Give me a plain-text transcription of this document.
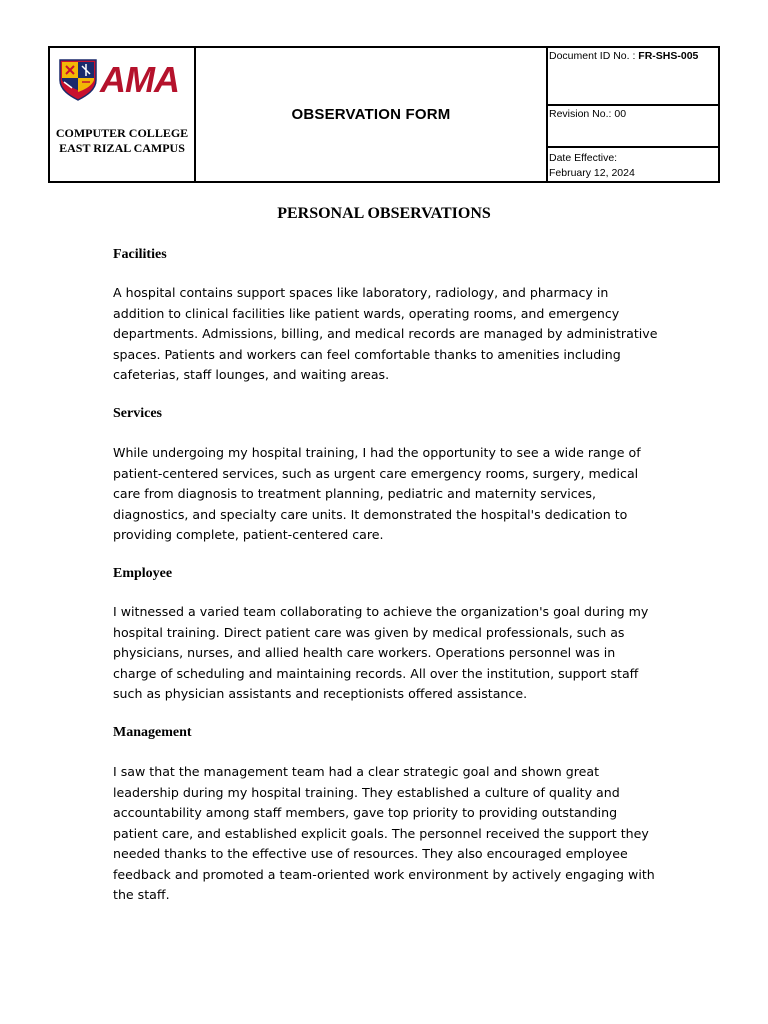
AMA
COMPUTER COLLEGE
EAST RIZAL CAMPUS
OBSERVATION FORM
Document ID No. : FR-SHS-005
Revision No.: 00
Date Effective:
February 12, 2024
PERSONAL OBSERVATIONS
Facilities
A hospital contains support spaces like laboratory, radiology, and pharmacy in addition to clinical facilities like patient wards, operating rooms, and emergency departments. Admissions, billing, and medical records are managed by administrative spaces. Patients and workers can feel comfortable thanks to amenities including cafeterias, staff lounges, and waiting areas.
Services
While undergoing my hospital training, I had the opportunity to see a wide range of patient-centered services, such as urgent care emergency rooms, surgery, medical care from diagnosis to treatment planning, pediatric and maternity services, diagnostics, and specialty care units. It demonstrated the hospital's dedication to providing complete, patient-centered care.
Employee
I witnessed a varied team collaborating to achieve the organization's goal during my hospital training. Direct patient care was given by medical professionals, such as physicians, nurses, and allied health care workers. Operations personnel was in charge of scheduling and maintaining records. All over the institution, support staff such as physician assistants and receptionists offered assistance.
Management
I saw that the management team had a clear strategic goal and shown great leadership during my hospital training. They established a culture of quality and accountability among staff members, gave top priority to providing outstanding patient care, and established explicit goals. The personnel received the support they needed thanks to the effective use of resources. They also encouraged employee feedback and promoted a team-oriented work environment by actively engaging with the staff.
